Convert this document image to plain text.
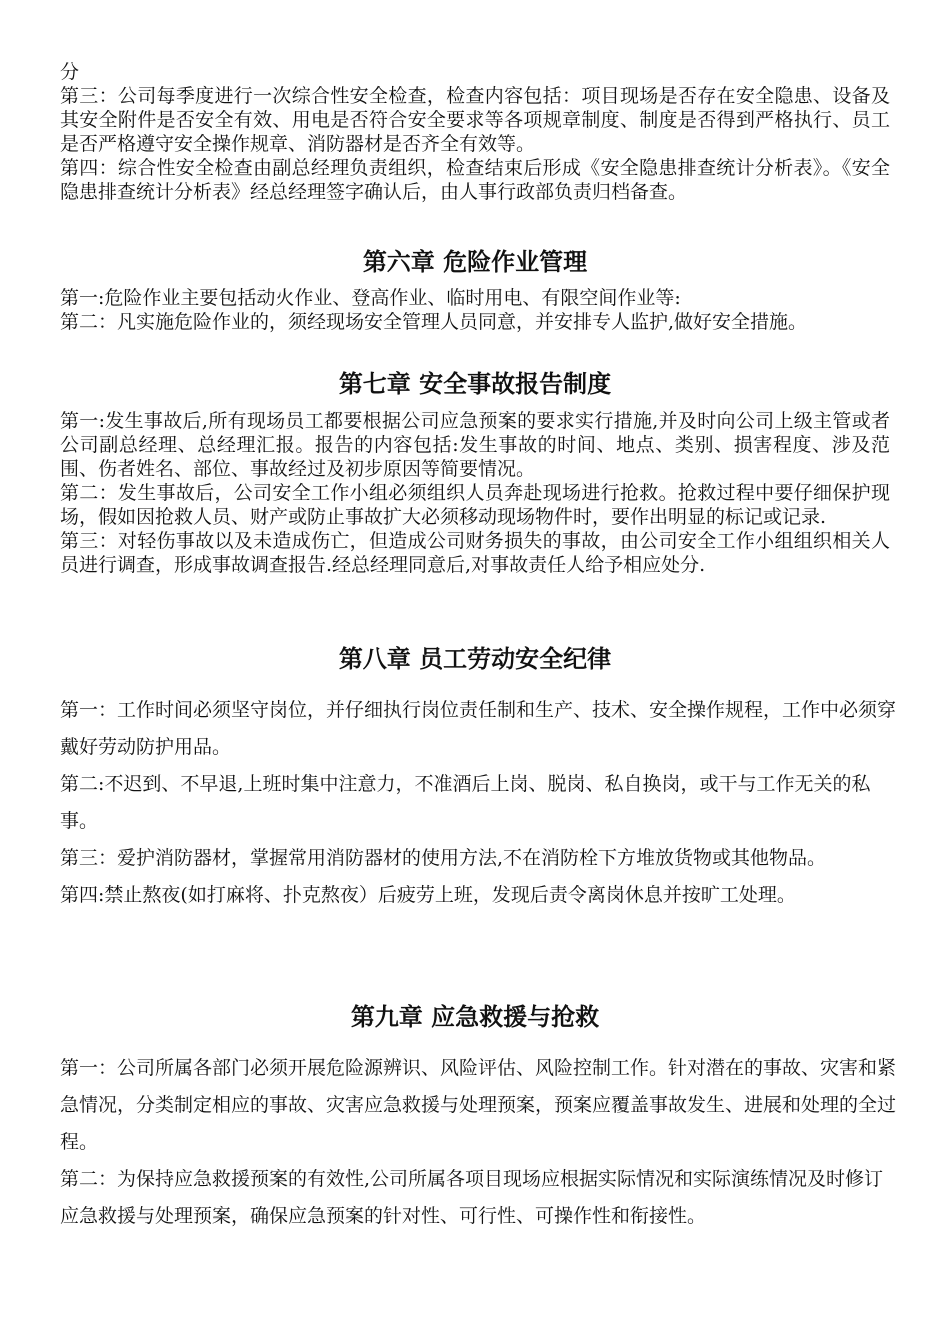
分

第三：公司每季度进行一次综合性安全检查，检查内容包括：项目现场是否存在安全隐患、设备及其安全附件是否安全有效、用电是否符合安全要求等各项规章制度、制度是否得到严格执行、员工是否严格遵守安全操作规章、消防器材是否齐全有效等。

第四：综合性安全检查由副总经理负责组织，检查结束后形成《安全隐患排查统计分析表》。《安全隐患排查统计分析表》经总经理签字确认后，由人事行政部负责归档备查。

第六章 危险作业管理

第一:危险作业主要包括动火作业、登高作业、临时用电、有限空间作业等:

第二：凡实施危险作业的，须经现场安全管理人员同意，并安排专人监护,做好安全措施。

第七章 安全事故报告制度

第一:发生事故后,所有现场员工都要根据公司应急预案的要求实行措施,并及时向公司上级主管或者公司副总经理、总经理汇报。报告的内容包括:发生事故的时间、地点、类别、损害程度、涉及范围、伤者姓名、部位、事故经过及初步原因等简要情况。

第二：发生事故后，公司安全工作小组必须组织人员奔赴现场进行抢救。抢救过程中要仔细保护现场，假如因抢救人员、财产或防止事故扩大必须移动现场物件时，要作出明显的标记或记录.

第三：对轻伤事故以及未造成伤亡，但造成公司财务损失的事故，由公司安全工作小组组织相关人员进行调查，形成事故调查报告.经总经理同意后,对事故责任人给予相应处分.

第八章 员工劳动安全纪律

第一：工作时间必须坚守岗位，并仔细执行岗位责任制和生产、技术、安全操作规程，工作中必须穿戴好劳动防护用品。

第二:不迟到、不早退,上班时集中注意力，不准酒后上岗、脱岗、私自换岗，或干与工作无关的私事。

第三：爱护消防器材，掌握常用消防器材的使用方法,不在消防栓下方堆放货物或其他物品。

第四:禁止熬夜(如打麻将、扑克熬夜）后疲劳上班，发现后责令离岗休息并按旷工处理。

第九章 应急救援与抢救

第一：公司所属各部门必须开展危险源辨识、风险评估、风险控制工作。针对潜在的事故、灾害和紧急情况，分类制定相应的事故、灾害应急救援与处理预案，预案应覆盖事故发生、进展和处理的全过程。

第二：为保持应急救援预案的有效性,公司所属各项目现场应根据实际情况和实际演练情况及时修订应急救援与处理预案，确保应急预案的针对性、可行性、可操作性和衔接性。
